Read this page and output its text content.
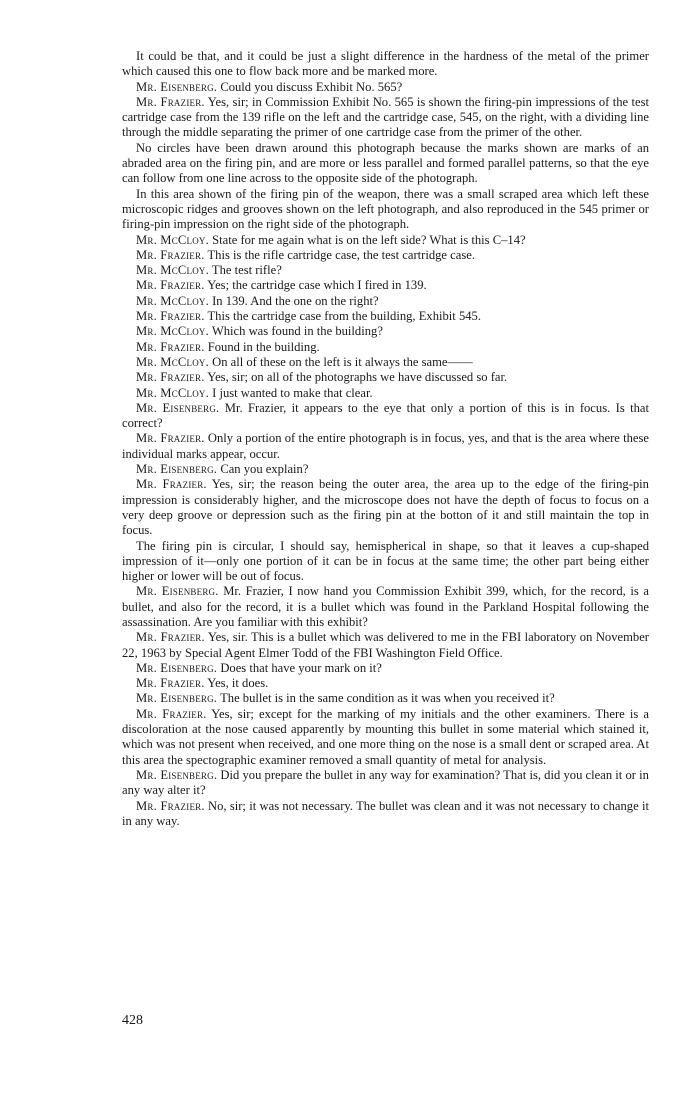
It could be that, and it could be just a slight difference in the hardness of the metal of the primer which caused this one to flow back more and be marked more.

Mr. Eisenberg. Could you discuss Exhibit No. 565?

Mr. Frazier. Yes, sir; in Commission Exhibit No. 565 is shown the firing-pin impressions of the test cartridge case from the 139 rifle on the left and the cartridge case, 545, on the right, with a dividing line through the middle separating the primer of one cartridge case from the primer of the other.

No circles have been drawn around this photograph because the marks shown are marks of an abraded area on the firing pin, and are more or less parallel and formed parallel patterns, so that the eye can follow from one line across to the opposite side of the photograph.

In this area shown of the firing pin of the weapon, there was a small scraped area which left these microscopic ridges and grooves shown on the left photograph, and also reproduced in the 545 primer or firing-pin impression on the right side of the photograph.

Mr. McCloy. State for me again what is on the left side? What is this C–14?

Mr. Frazier. This is the rifle cartridge case, the test cartridge case.

Mr. McCloy. The test rifle?

Mr. Frazier. Yes; the cartridge case which I fired in 139.

Mr. McCloy. In 139. And the one on the right?

Mr. Frazier. This the cartridge case from the building, Exhibit 545.

Mr. McCloy. Which was found in the building?

Mr. Frazier. Found in the building.

Mr. McCloy. On all of these on the left is it always the same——

Mr. Frazier. Yes, sir; on all of the photographs we have discussed so far.

Mr. McCloy. I just wanted to make that clear.

Mr. Eisenberg. Mr. Frazier, it appears to the eye that only a portion of this is in focus. Is that correct?

Mr. Frazier. Only a portion of the entire photograph is in focus, yes, and that is the area where these individual marks appear, occur.

Mr. Eisenberg. Can you explain?

Mr. Frazier. Yes, sir; the reason being the outer area, the area up to the edge of the firing-pin impression is considerably higher, and the microscope does not have the depth of focus to focus on a very deep groove or depression such as the firing pin at the botton of it and still maintain the top in focus.

The firing pin is circular, I should say, hemispherical in shape, so that it leaves a cup-shaped impression of it—only one portion of it can be in focus at the same time; the other part being either higher or lower will be out of focus.

Mr. Eisenberg. Mr. Frazier, I now hand you Commission Exhibit 399, which, for the record, is a bullet, and also for the record, it is a bullet which was found in the Parkland Hospital following the assassination. Are you familiar with this exhibit?

Mr. Frazier. Yes, sir. This is a bullet which was delivered to me in the FBI laboratory on November 22, 1963 by Special Agent Elmer Todd of the FBI Washington Field Office.

Mr. Eisenberg. Does that have your mark on it?

Mr. Frazier. Yes, it does.

Mr. Eisenberg. The bullet is in the same condition as it was when you received it?

Mr. Frazier. Yes, sir; except for the marking of my initials and the other examiners. There is a discoloration at the nose caused apparently by mounting this bullet in some material which stained it, which was not present when received, and one more thing on the nose is a small dent or scraped area. At this area the spectographic examiner removed a small quantity of metal for analysis.

Mr. Eisenberg. Did you prepare the bullet in any way for examination? That is, did you clean it or in any way alter it?

Mr. Frazier. No, sir; it was not necessary. The bullet was clean and it was not necessary to change it in any way.

428
